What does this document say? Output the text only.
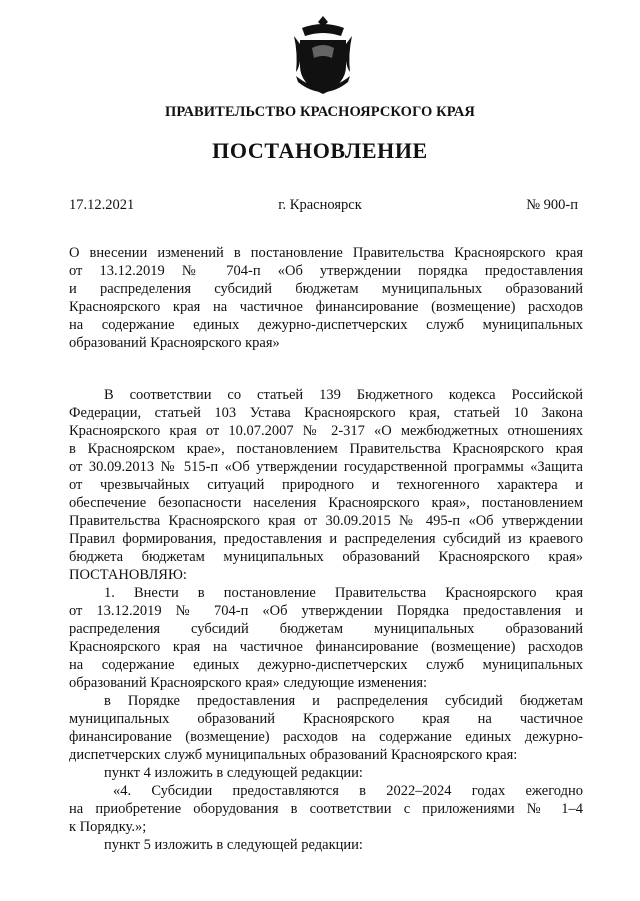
ПРАВИТЕЛЬСТВО КРАСНОЯРСКОГО КРАЯ
ПОСТАНОВЛЕНИЕ
17.12.2021	г. Красноярск	№ 900-п
О внесении изменений в постановление Правительства Красноярского края
от 13.12.2019 № 704-п «Об утверждении порядка предоставления
и распределения субсидий бюджетам муниципальных образований
Красноярского края на частичное финансирование (возмещение) расходов
на содержание единых дежурно-диспетчерских служб муниципальных
образований Красноярского края»
В соответствии со статьей 139 Бюджетного кодекса Российской
Федерации, статьей 103 Устава Красноярского края, статьей 10 Закона
Красноярского края от 10.07.2007 № 2-317 «О межбюджетных отношениях
в Красноярском крае», постановлением Правительства Красноярского края
от 30.09.2013 № 515-п «Об утверждении государственной программы «Защита
от чрезвычайных ситуаций природного и техногенного характера и
обеспечение безопасности населения Красноярского края», постановлением
Правительства Красноярского края от 30.09.2015 № 495-п «Об утверждении
Правил формирования, предоставления и распределения субсидий из краевого
бюджета бюджетам муниципальных образований Красноярского края»
ПОСТАНОВЛЯЮ:
1. Внести в постановление Правительства Красноярского края
от 13.12.2019 № 704-п «Об утверждении Порядка предоставления и
распределения субсидий бюджетам муниципальных образований
Красноярского края на частичное финансирование (возмещение) расходов
на содержание единых дежурно-диспетчерских служб муниципальных
образований Красноярского края» следующие изменения:
в Порядке предоставления и распределения субсидий бюджетам
муниципальных образований Красноярского края на частичное
финансирование (возмещение) расходов на содержание единых дежурно-
диспетчерских служб муниципальных образований Красноярского края:
пункт 4 изложить в следующей редакции:
«4. Субсидии предоставляются в 2022–2024 годах ежегодно
на приобретение оборудования в соответствии с приложениями № 1–4
к Порядку.»;
пункт 5 изложить в следующей редакции:
